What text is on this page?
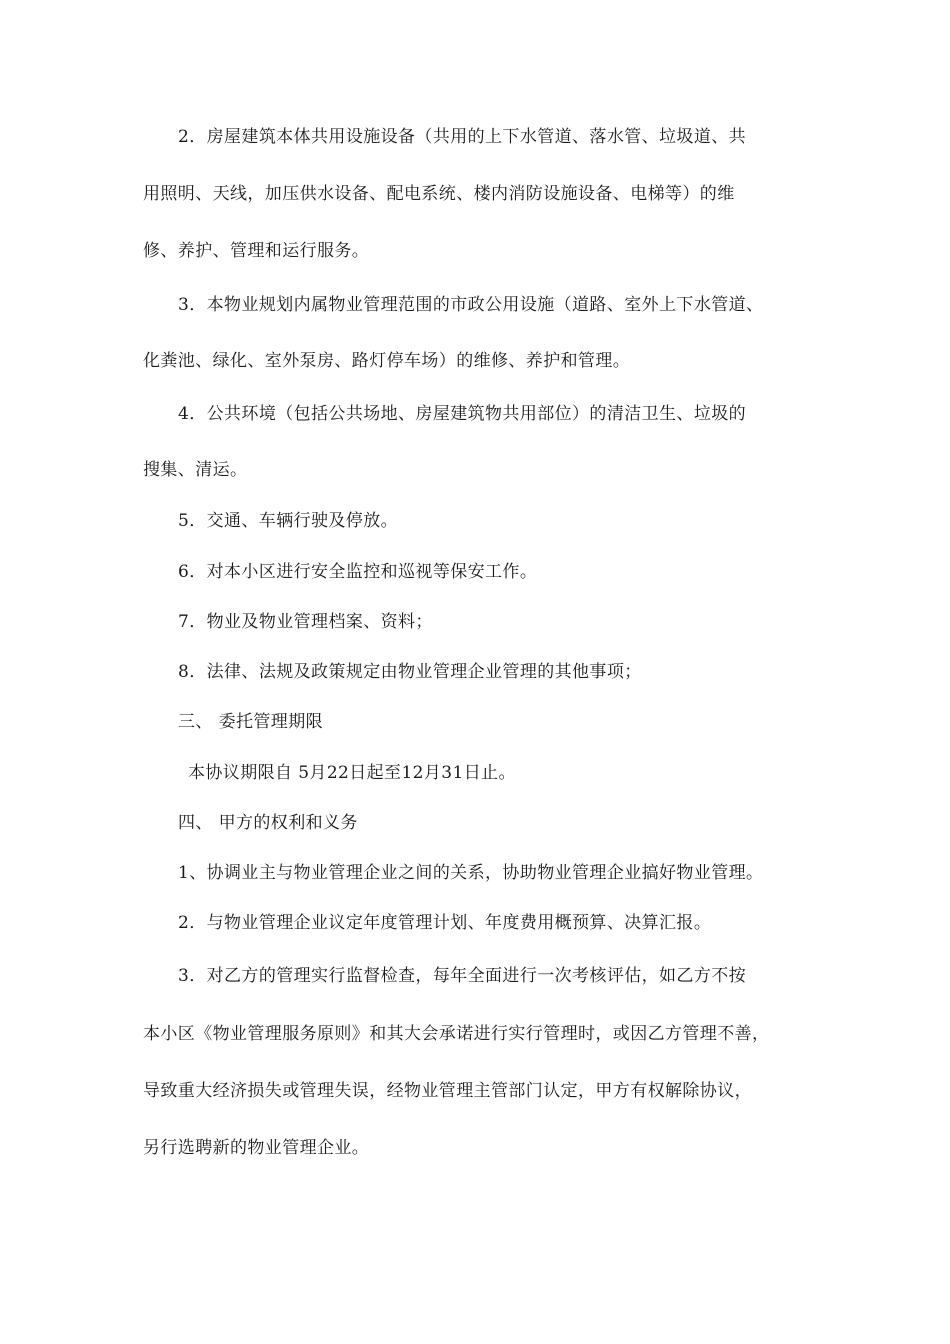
2．房屋建筑本体共用设施设备（共用的上下水管道、落水管、垃圾道、共
用照明、天线，加压供水设备、配电系统、楼内消防设施设备、电梯等）的维
修、养护、管理和运行服务。
3．本物业规划内属物业管理范围的市政公用设施（道路、室外上下水管道、
化粪池、绿化、室外泵房、路灯停车场）的维修、养护和管理。
4．公共环境（包括公共场地、房屋建筑物共用部位）的清洁卫生、垃圾的
搜集、清运。
5．交通、车辆行驶及停放。
6．对本小区进行安全监控和巡视等保安工作。
7．物业及物业管理档案、资料；
8．法律、法规及政策规定由物业管理企业管理的其他事项；
三、 委托管理期限
本协议期限自 5月22日起至12月31日止。
四、 甲方的权利和义务
1、协调业主与物业管理企业之间的关系，协助物业管理企业搞好物业管理。
2．与物业管理企业议定年度管理计划、年度费用概预算、决算汇报。
3．对乙方的管理实行监督检查，每年全面进行一次考核评估，如乙方不按
本小区《物业管理服务原则》和其大会承诺进行实行管理时，或因乙方管理不善，
导致重大经济损失或管理失误，经物业管理主管部门认定，甲方有权解除协议，
另行选聘新的物业管理企业。
